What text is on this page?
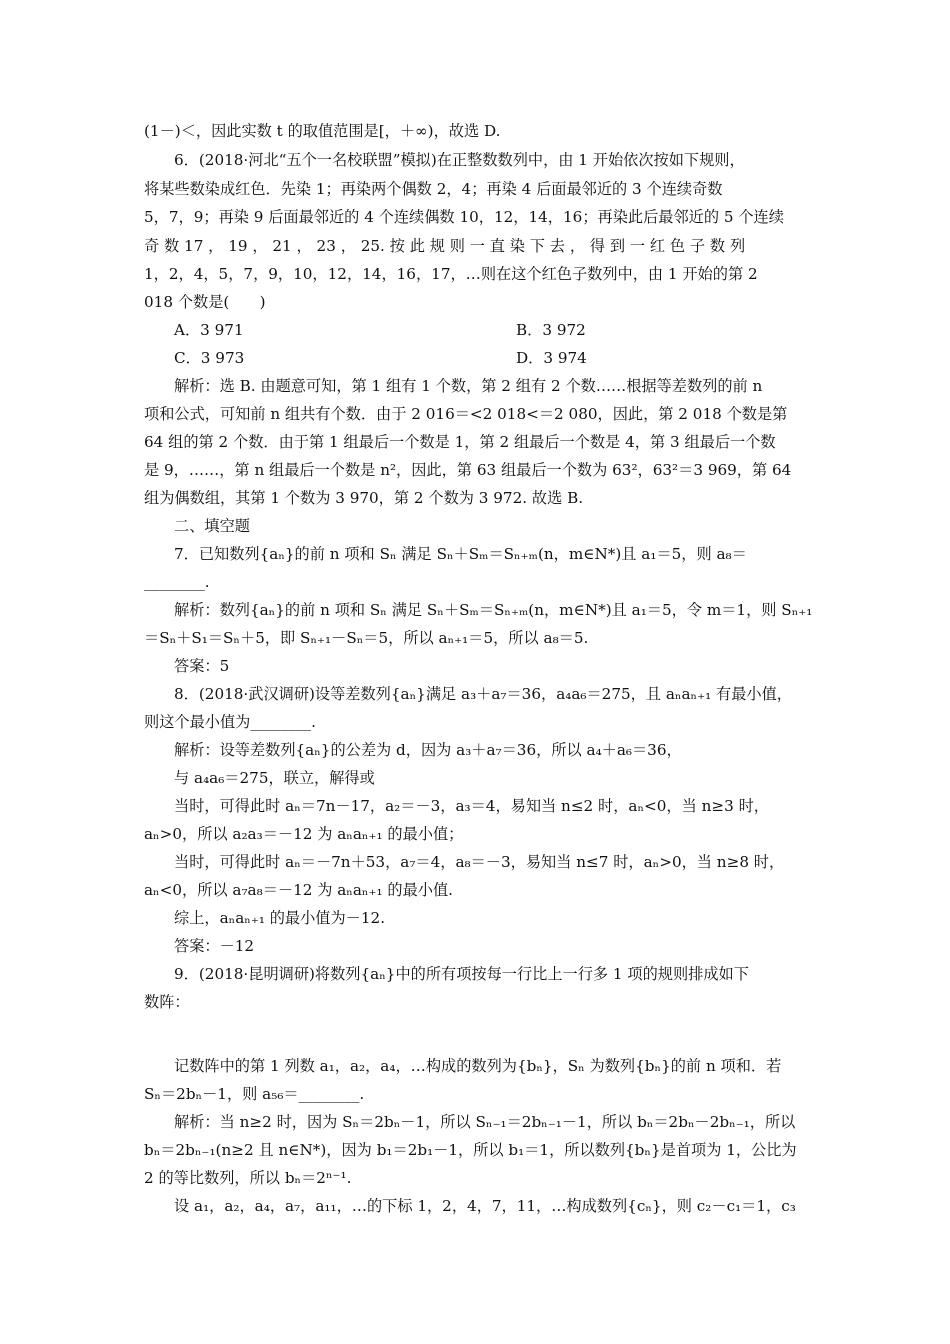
(1－)＜，因此实数 t 的取值范围是[，＋∞)，故选 D.
6．(2018·河北“五个一名校联盟”模拟)在正整数数列中，由 1 开始依次按如下规则，
将某些数染成红色．先染 1；再染两个偶数 2，4；再染 4 后面最邻近的 3 个连续奇数
5，7，9；再染 9 后面最邻近的 4 个连续偶数 10，12，14，16；再染此后最邻近的 5 个连续
奇 数 17 ， 19 ， 21 ， 23 ， 25. 按 此 规 则 一 直 染 下 去 ， 得 到 一 红 色 子 数 列
1，2，4，5，7，9，10，12，14，16，17，…则在这个红色子数列中，由 1 开始的第 2
018 个数是(　　)
A．3 971	B．3 972
C．3 973	D．3 974
解析：选 B. 由题意可知，第 1 组有 1 个数，第 2 组有 2 个数……根据等差数列的前 n
项和公式，可知前 n 组共有个数．由于 2 016＝<2 018<＝2 080，因此，第 2 018 个数是第
64 组的第 2 个数．由于第 1 组最后一个数是 1，第 2 组最后一个数是 4，第 3 组最后一个数
是 9，……，第 n 组最后一个数是 n²，因此，第 63 组最后一个数为 63²，63²＝3 969，第 64
组为偶数组，其第 1 个数为 3 970，第 2 个数为 3 972. 故选 B.
二、填空题
7．已知数列{aₙ}的前 n 项和 Sₙ 满足 Sₙ＋Sₘ＝Sₙ₊ₘ(n，m∈N*)且 a₁＝5，则 a₈＝
________.
解析：数列{aₙ}的前 n 项和 Sₙ 满足 Sₙ＋Sₘ＝Sₙ₊ₘ(n，m∈N*)且 a₁＝5，令 m＝1，则 Sₙ₊₁
＝Sₙ＋S₁＝Sₙ＋5，即 Sₙ₊₁－Sₙ＝5，所以 aₙ₊₁＝5，所以 a₈＝5.
答案：5
8．(2018·武汉调研)设等差数列{aₙ}满足 a₃＋a₇＝36，a₄a₆＝275，且 aₙaₙ₊₁ 有最小值，
则这个最小值为________.
解析：设等差数列{aₙ}的公差为 d，因为 a₃＋a₇＝36，所以 a₄＋a₆＝36，
与 a₄a₆＝275，联立，解得或
当时，可得此时 aₙ＝7n－17，a₂＝－3，a₃＝4，易知当 n≤2 时，aₙ<0，当 n≥3 时，
aₙ>0，所以 a₂a₃＝－12 为 aₙaₙ₊₁ 的最小值；
当时，可得此时 aₙ＝－7n＋53，a₇＝4，a₈＝－3，易知当 n≤7 时，aₙ>0，当 n≥8 时，
aₙ<0，所以 a₇a₈＝－12 为 aₙaₙ₊₁ 的最小值.
综上，aₙaₙ₊₁ 的最小值为－12.
答案：－12
9．(2018·昆明调研)将数列{aₙ}中的所有项按每一行比上一行多 1 项的规则排成如下
数阵：
记数阵中的第 1 列数 a₁，a₂，a₄，…构成的数列为{bₙ}，Sₙ 为数列{bₙ}的前 n 项和．若
Sₙ＝2bₙ－1，则 a₅₆＝________.
解析：当 n≥2 时，因为 Sₙ＝2bₙ－1，所以 Sₙ₋₁＝2bₙ₋₁－1，所以 bₙ＝2bₙ－2bₙ₋₁，所以
bₙ＝2bₙ₋₁(n≥2 且 n∈N*)，因为 b₁＝2b₁－1，所以 b₁＝1，所以数列{bₙ}是首项为 1，公比为
2 的等比数列，所以 bₙ＝2ⁿ⁻¹.
设 a₁，a₂，a₄，a₇，a₁₁，…的下标 1，2，4，7，11，…构成数列{cₙ}，则 c₂－c₁＝1，c₃
